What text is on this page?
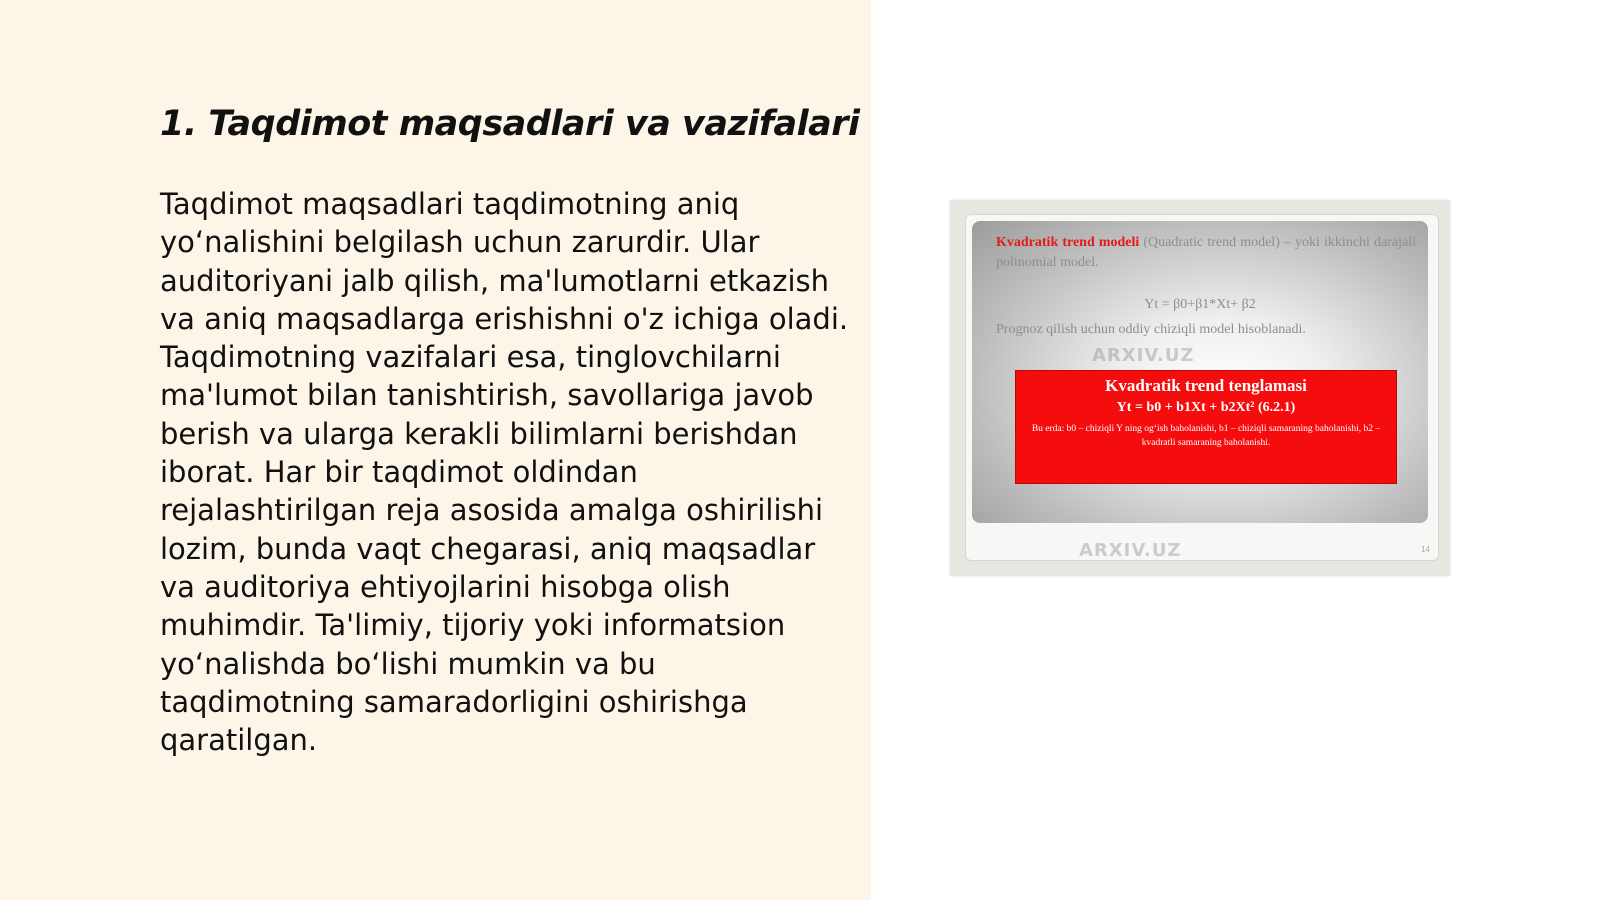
1. Taqdimot maqsadlari va vazifalari

Taqdimot maqsadlari taqdimotning aniq yo‘nalishini belgilash uchun zarurdir. Ular auditoriyani jalb qilish, ma'lumotlarni etkazish va aniq maqsadlarga erishishni o'z ichiga oladi. Taqdimotning vazifalari esa, tinglovchilarni ma'lumot bilan tanishtirish, savollariga javob berish va ularga kerakli bilimlarni berishdan iborat. Har bir taqdimot oldindan rejalashtirilgan reja asosida amalga oshirilishi lozim, bunda vaqt chegarasi, aniq maqsadlar va auditoriya ehtiyojlarini hisobga olish muhimdir. Ta'limiy, tijoriy yoki informatsion yo‘nalishda bo‘lishi mumkin va bu taqdimotning samaradorligini oshirishga qaratilgan.

Kvadratik trend modeli (Quadratic trend model) – yoki ikkinchi darajali polinomial model.

Yt = β0+β1*Xt+ β2

Prognoz qilish uchun oddiy chiziqli model hisoblanadi.

ARXIV.UZ
Kvadratik trend tenglamasi
Yt = b0 + b1Xt + b2Xt² (6.2.1)
Bu erda: b0 – chiziqli Y ning og‘ish baholanishi, b1 – chiziqli samaraning baholanishi, b2 – kvadratli samaraning baholanishi.
ARXIV.UZ	14
